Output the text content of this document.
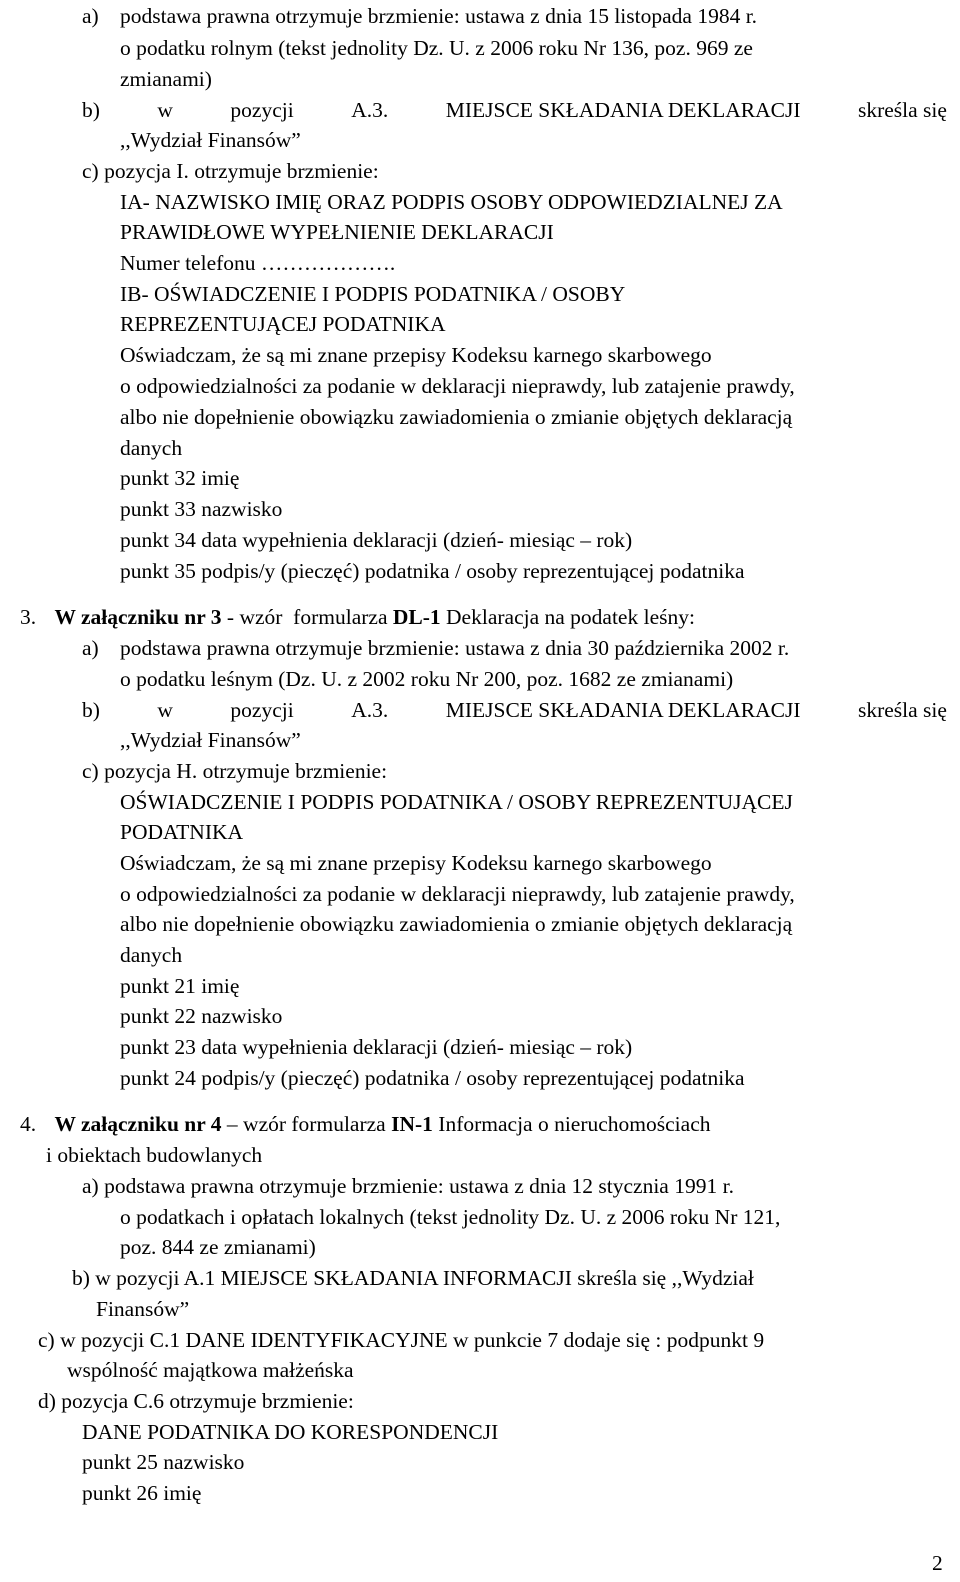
a) podstawa prawna otrzymuje brzmienie: ustawa z dnia 15 listopada 1984 r.
o podatku rolnym (tekst jednolity Dz. U. z 2006 roku Nr 136, poz. 969 ze
zmianami)
b)	w	pozycji	A.3.	MIEJSCE SKŁADANIA DEKLARACJI	skreśla się
,,Wydział Finansów”
c) pozycja I. otrzymuje brzmienie:
IA- NAZWISKO IMIĘ ORAZ PODPIS OSOBY ODPOWIEDZIALNEJ ZA
PRAWIDŁOWE WYPEŁNIENIE DEKLARACJI
Numer telefonu ……………….
IB- OŚWIADCZENIE I PODPIS PODATNIKA / OSOBY
REPREZENTUJĄCEJ PODATNIKA
Oświadczam, że są mi znane przepisy Kodeksu karnego skarbowego
o odpowiedzialności za podanie w deklaracji nieprawdy, lub zatajenie prawdy,
albo nie dopełnienie obowiązku zawiadomienia o zmianie objętych deklaracją
danych
punkt 32 imię
punkt 33 nazwisko
punkt 34 data wypełnienia deklaracji (dzień- miesiąc – rok)
punkt 35 podpis/y (pieczęć) podatnika / osoby reprezentującej podatnika
3. W załączniku nr 3 - wzór  formularza DL-1 Deklaracja na podatek leśny:
a) podstawa prawna otrzymuje brzmienie: ustawa z dnia 30 października 2002 r.
o podatku leśnym (Dz. U. z 2002 roku Nr 200, poz. 1682 ze zmianami)
b)	w	pozycji	A.3.	MIEJSCE SKŁADANIA DEKLARACJI	skreśla się
,,Wydział Finansów”
c) pozycja H. otrzymuje brzmienie:
OŚWIADCZENIE I PODPIS PODATNIKA / OSOBY REPREZENTUJĄCEJ
PODATNIKA
Oświadczam, że są mi znane przepisy Kodeksu karnego skarbowego
o odpowiedzialności za podanie w deklaracji nieprawdy, lub zatajenie prawdy,
albo nie dopełnienie obowiązku zawiadomienia o zmianie objętych deklaracją
danych
punkt 21 imię
punkt 22 nazwisko
punkt 23 data wypełnienia deklaracji (dzień- miesiąc – rok)
punkt 24 podpis/y (pieczęć) podatnika / osoby reprezentującej podatnika
4. W załączniku nr 4 – wzór formularza IN-1 Informacja o nieruchomościach
i obiektach budowlanych
a) podstawa prawna otrzymuje brzmienie: ustawa z dnia 12 stycznia 1991 r.
o podatkach i opłatach lokalnych (tekst jednolity Dz. U. z 2006 roku Nr 121,
poz. 844 ze zmianami)
b) w pozycji A.1 MIEJSCE SKŁADANIA INFORMACJI skreśla się ,,Wydział
Finansów”
c) w pozycji C.1 DANE IDENTYFIKACYJNE w punkcie 7 dodaje się : podpunkt 9
wspólność majątkowa małżeńska
d) pozycja C.6 otrzymuje brzmienie:
DANE PODATNIKA DO KORESPONDENCJI
punkt 25 nazwisko
punkt 26 imię
2
